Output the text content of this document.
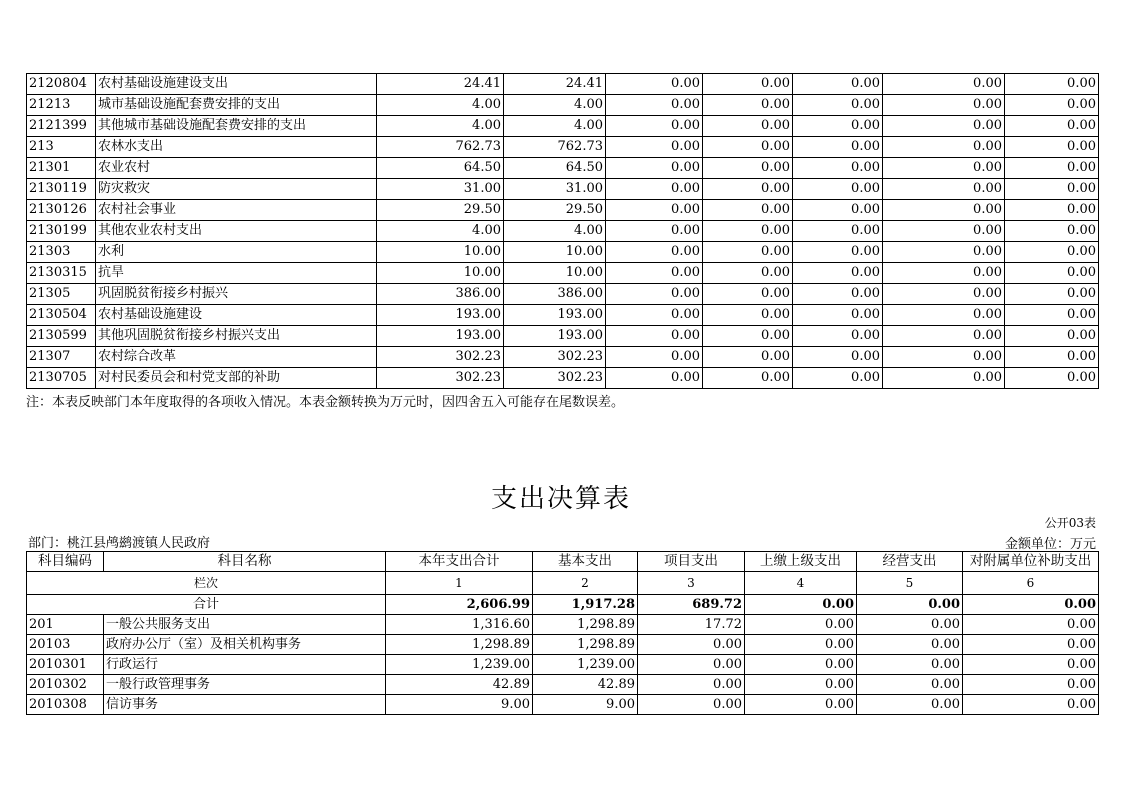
2120804	农村基础设施建设支出	24.41	24.41	0.00	0.00	0.00	0.00	0.00
21213	城市基础设施配套费安排的支出	4.00	4.00	0.00	0.00	0.00	0.00	0.00
2121399	其他城市基础设施配套费安排的支出	4.00	4.00	0.00	0.00	0.00	0.00	0.00
213	农林水支出	762.73	762.73	0.00	0.00	0.00	0.00	0.00
21301	农业农村	64.50	64.50	0.00	0.00	0.00	0.00	0.00
2130119	防灾救灾	31.00	31.00	0.00	0.00	0.00	0.00	0.00
2130126	农村社会事业	29.50	29.50	0.00	0.00	0.00	0.00	0.00
2130199	其他农业农村支出	4.00	4.00	0.00	0.00	0.00	0.00	0.00
21303	水利	10.00	10.00	0.00	0.00	0.00	0.00	0.00
2130315	抗旱	10.00	10.00	0.00	0.00	0.00	0.00	0.00
21305	巩固脱贫衔接乡村振兴	386.00	386.00	0.00	0.00	0.00	0.00	0.00
2130504	农村基础设施建设	193.00	193.00	0.00	0.00	0.00	0.00	0.00
2130599	其他巩固脱贫衔接乡村振兴支出	193.00	193.00	0.00	0.00	0.00	0.00	0.00
21307	农村综合改革	302.23	302.23	0.00	0.00	0.00	0.00	0.00
2130705	对村民委员会和村党支部的补助	302.23	302.23	0.00	0.00	0.00	0.00	0.00
注：本表反映部门本年度取得的各项收入情况。本表金额转换为万元时，因四舍五入可能存在尾数误差。
支出决算表
公开03表
部门：桃江县鸬鹚渡镇人民政府	金额单位：万元
科目编码	科目名称	本年支出合计	基本支出	项目支出	上缴上级支出	经营支出	对附属单位补助支出
栏次		1	2	3	4	5	6
合计		2,606.99	1,917.28	689.72	0.00	0.00	0.00
201	一般公共服务支出	1,316.60	1,298.89	17.72	0.00	0.00	0.00
20103	政府办公厅（室）及相关机构事务	1,298.89	1,298.89	0.00	0.00	0.00	0.00
2010301	行政运行	1,239.00	1,239.00	0.00	0.00	0.00	0.00
2010302	一般行政管理事务	42.89	42.89	0.00	0.00	0.00	0.00
2010308	信访事务	9.00	9.00	0.00	0.00	0.00	0.00
